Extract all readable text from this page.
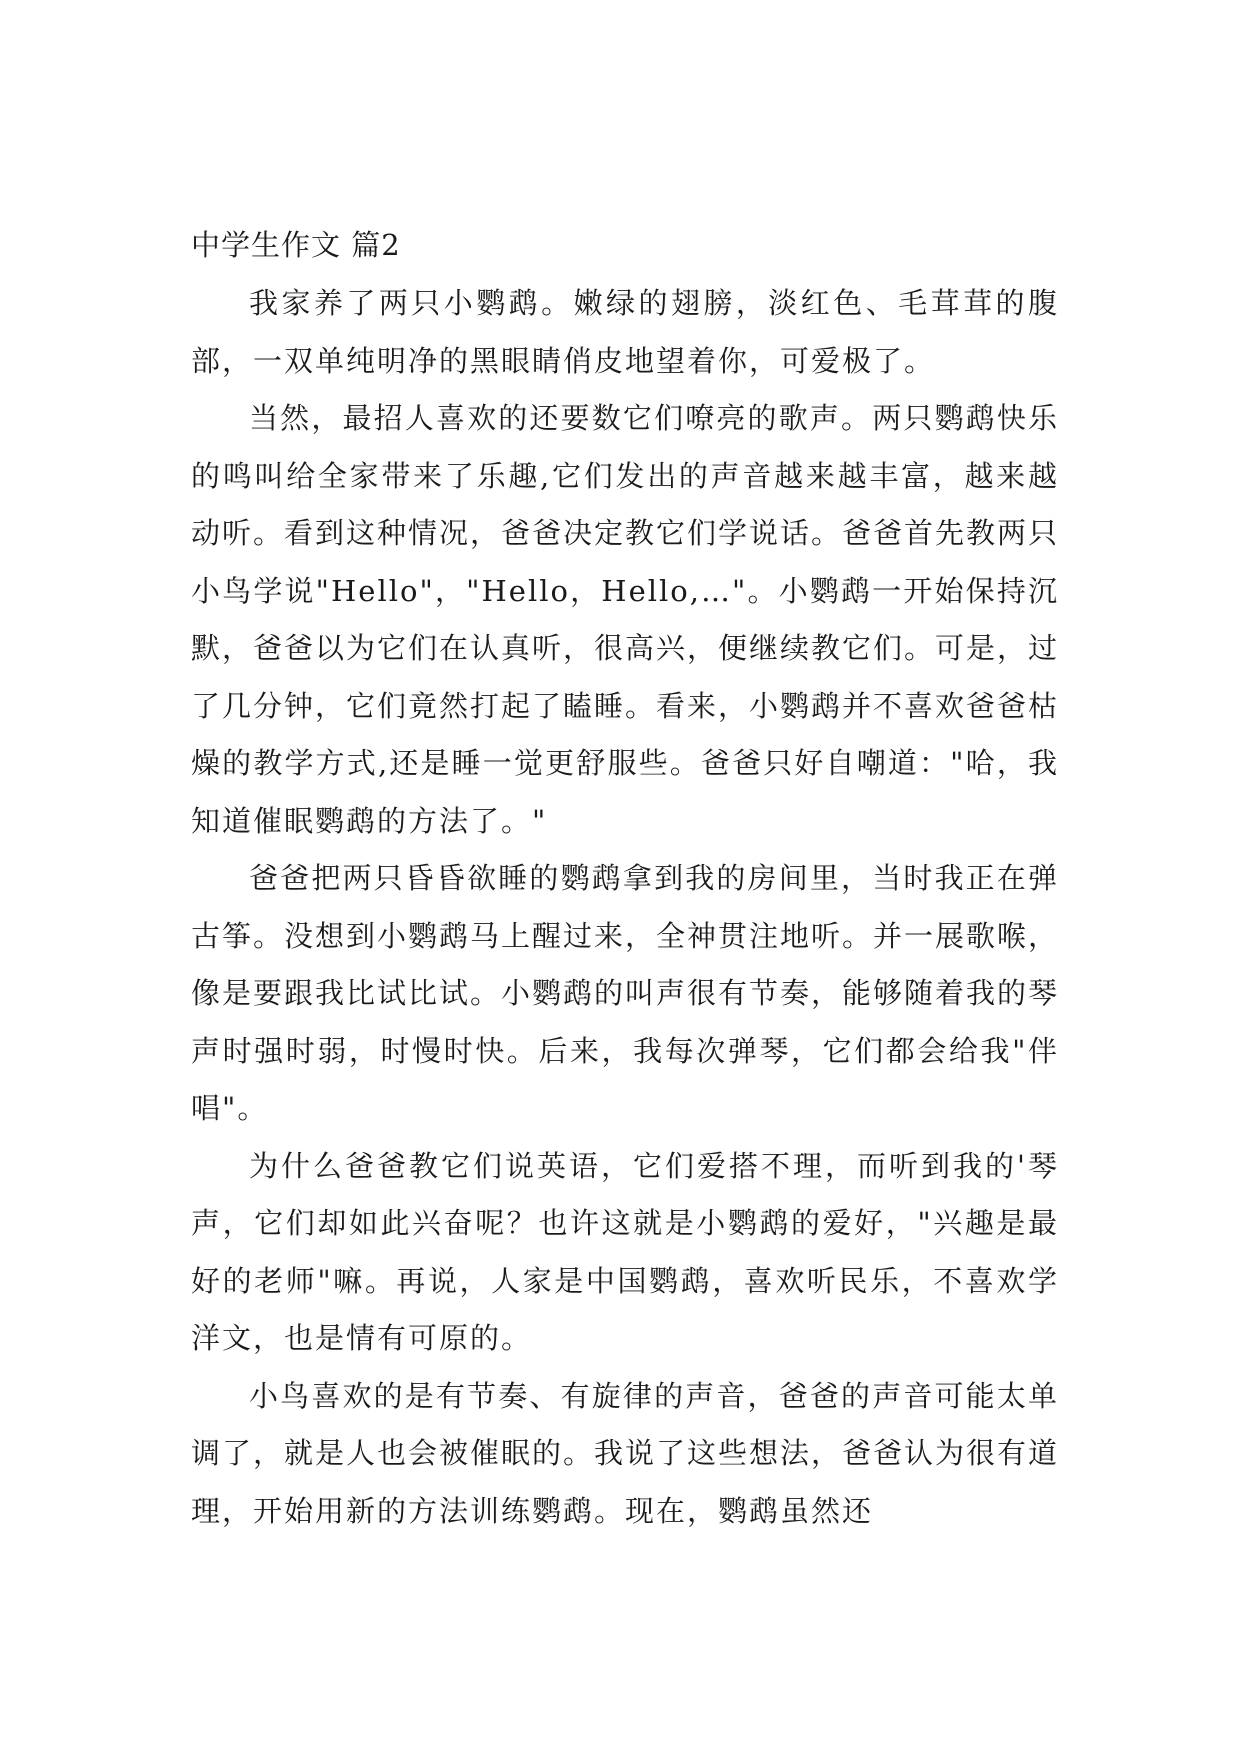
中学生作文 篇2

我家养了两只小鹦鹉。嫩绿的翅膀，淡红色、毛茸茸的腹部，一双单纯明净的黑眼睛俏皮地望着你，可爱极了。

当然，最招人喜欢的还要数它们嘹亮的歌声。两只鹦鹉快乐的鸣叫给全家带来了乐趣,它们发出的声音越来越丰富，越来越动听。看到这种情况，爸爸决定教它们学说话。爸爸首先教两只小鸟学说"Hello"，"Hello，Hello,…"。小鹦鹉一开始保持沉默，爸爸以为它们在认真听，很高兴，便继续教它们。可是，过了几分钟，它们竟然打起了瞌睡。看来，小鹦鹉并不喜欢爸爸枯燥的教学方式,还是睡一觉更舒服些。爸爸只好自嘲道："哈，我知道催眠鹦鹉的方法了。"

爸爸把两只昏昏欲睡的鹦鹉拿到我的房间里，当时我正在弹古筝。没想到小鹦鹉马上醒过来，全神贯注地听。并一展歌喉，像是要跟我比试比试。小鹦鹉的叫声很有节奏，能够随着我的琴声时强时弱，时慢时快。后来，我每次弹琴，它们都会给我"伴唱"。

为什么爸爸教它们说英语，它们爱搭不理，而听到我的'琴声，它们却如此兴奋呢？也许这就是小鹦鹉的爱好，"兴趣是最好的老师"嘛。再说，人家是中国鹦鹉，喜欢听民乐，不喜欢学洋文，也是情有可原的。

小鸟喜欢的是有节奏、有旋律的声音，爸爸的声音可能太单调了，就是人也会被催眠的。我说了这些想法，爸爸认为很有道理，开始用新的方法训练鹦鹉。现在，鹦鹉虽然还
